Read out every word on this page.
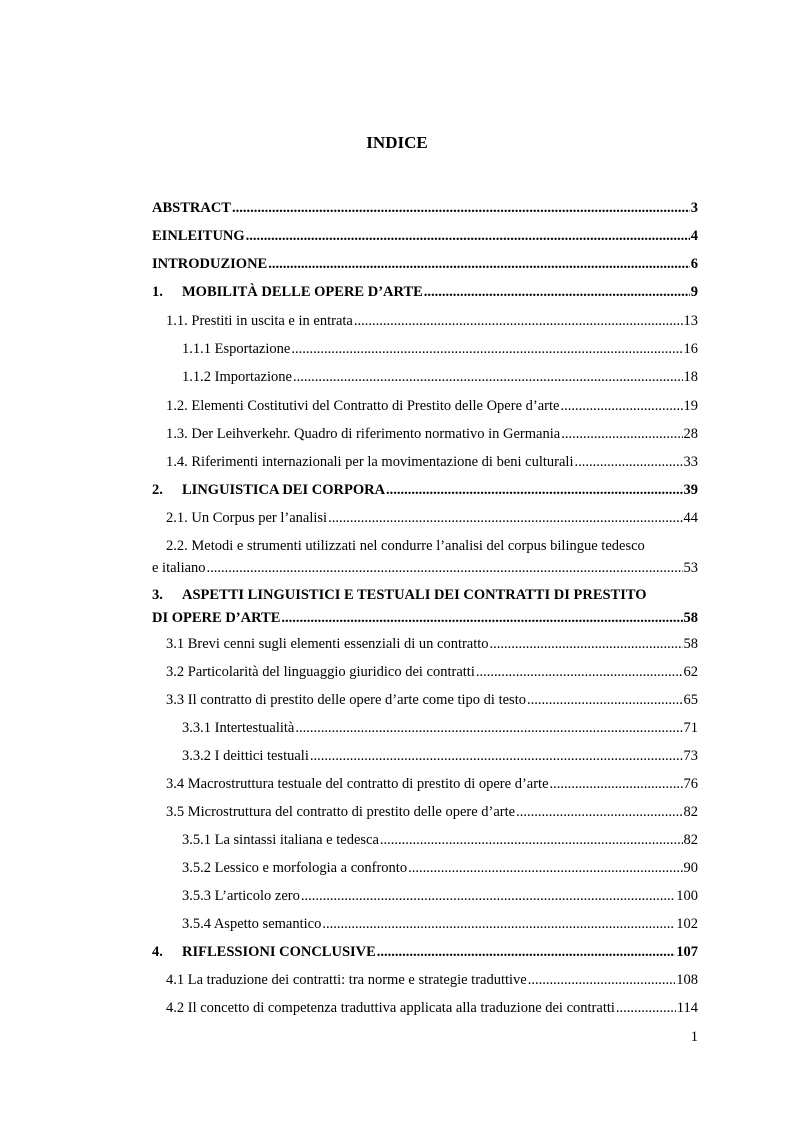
INDICE
ABSTRACT .....	3
EINLEITUNG .....	4
INTRODUZIONE .....	6
1. MOBILITÀ DELLE OPERE D’ARTE .....	9
1.1. Prestiti in uscita e in entrata .....	13
1.1.1 Esportazione .....	16
1.1.2 Importazione .....	18
1.2. Elementi Costitutivi del Contratto di Prestito delle Opere d’arte .....	19
1.3. Der Leihverkehr. Quadro di riferimento normativo in Germania .....	28
1.4. Riferimenti internazionali per la movimentazione di beni culturali .....	33
2. LINGUISTICA DEI CORPORA .....	39
2.1. Un Corpus per l’analisi .....	44
2.2. Metodi e strumenti utilizzati nel condurre l’analisi del corpus bilingue tedesco
e italiano .....	53
3. ASPETTI LINGUISTICI E TESTUALI DEI CONTRATTI DI PRESTITO
DI OPERE D’ARTE .....	58
3.1 Brevi cenni sugli elementi essenziali di un contratto .....	58
3.2 Particolarità del linguaggio giuridico dei contratti .....	62
3.3 Il contratto di prestito delle opere d’arte come tipo di testo .....	65
3.3.1 Intertestualità .....	71
3.3.2 I deittici testuali .....	73
3.4 Macrostruttura testuale del contratto di prestito di opere d’arte .....	76
3.5 Microstruttura del contratto di prestito delle opere d’arte .....	82
3.5.1 La sintassi italiana e tedesca .....	82
3.5.2 Lessico e morfologia a confronto .....	90
3.5.3 L’articolo zero .....	100
3.5.4 Aspetto semantico .....	102
4. RIFLESSIONI CONCLUSIVE .....	107
4.1 La traduzione dei contratti: tra norme e strategie traduttive .....	108
4.2 Il concetto di competenza traduttiva applicata alla traduzione dei contratti .....	114
1
